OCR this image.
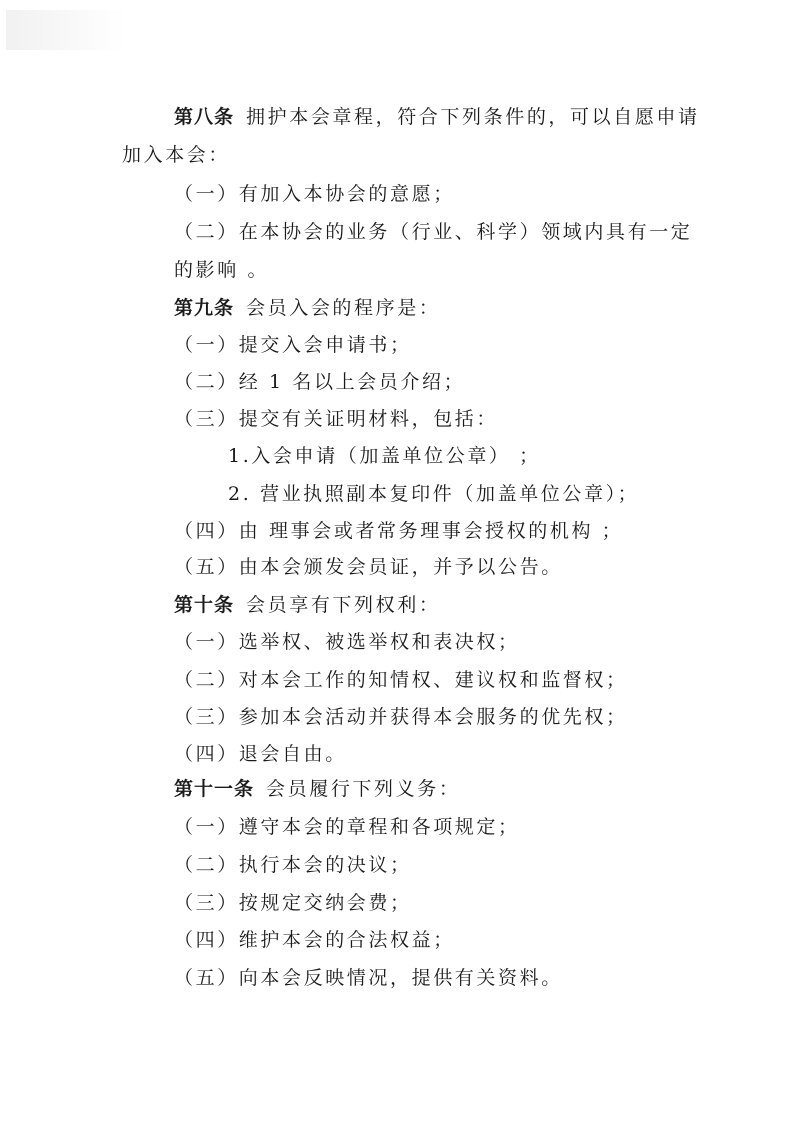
第八条 拥护本会章程，符合下列条件的，可以自愿申请
加入本会：
（一）有加入本协会的意愿；
（二）在本协会的业务（行业、科学）领域内具有一定
的影响 。
第九条 会员入会的程序是：
（一）提交入会申请书；
（二）经 1 名以上会员介绍；
（三）提交有关证明材料，包括：
1.入会申请（加盖单位公章） ；
2. 营业执照副本复印件（加盖单位公章）；
（四）由 理事会或者常务理事会授权的机构 ；
（五）由本会颁发会员证，并予以公告。
第十条 会员享有下列权利：
（一）选举权、被选举权和表决权；
（二）对本会工作的知情权、建议权和监督权；
（三）参加本会活动并获得本会服务的优先权；
（四）退会自由。
第十一条 会员履行下列义务：
（一）遵守本会的章程和各项规定；
（二）执行本会的决议；
（三）按规定交纳会费；
（四）维护本会的合法权益；
（五）向本会反映情况，提供有关资料。
